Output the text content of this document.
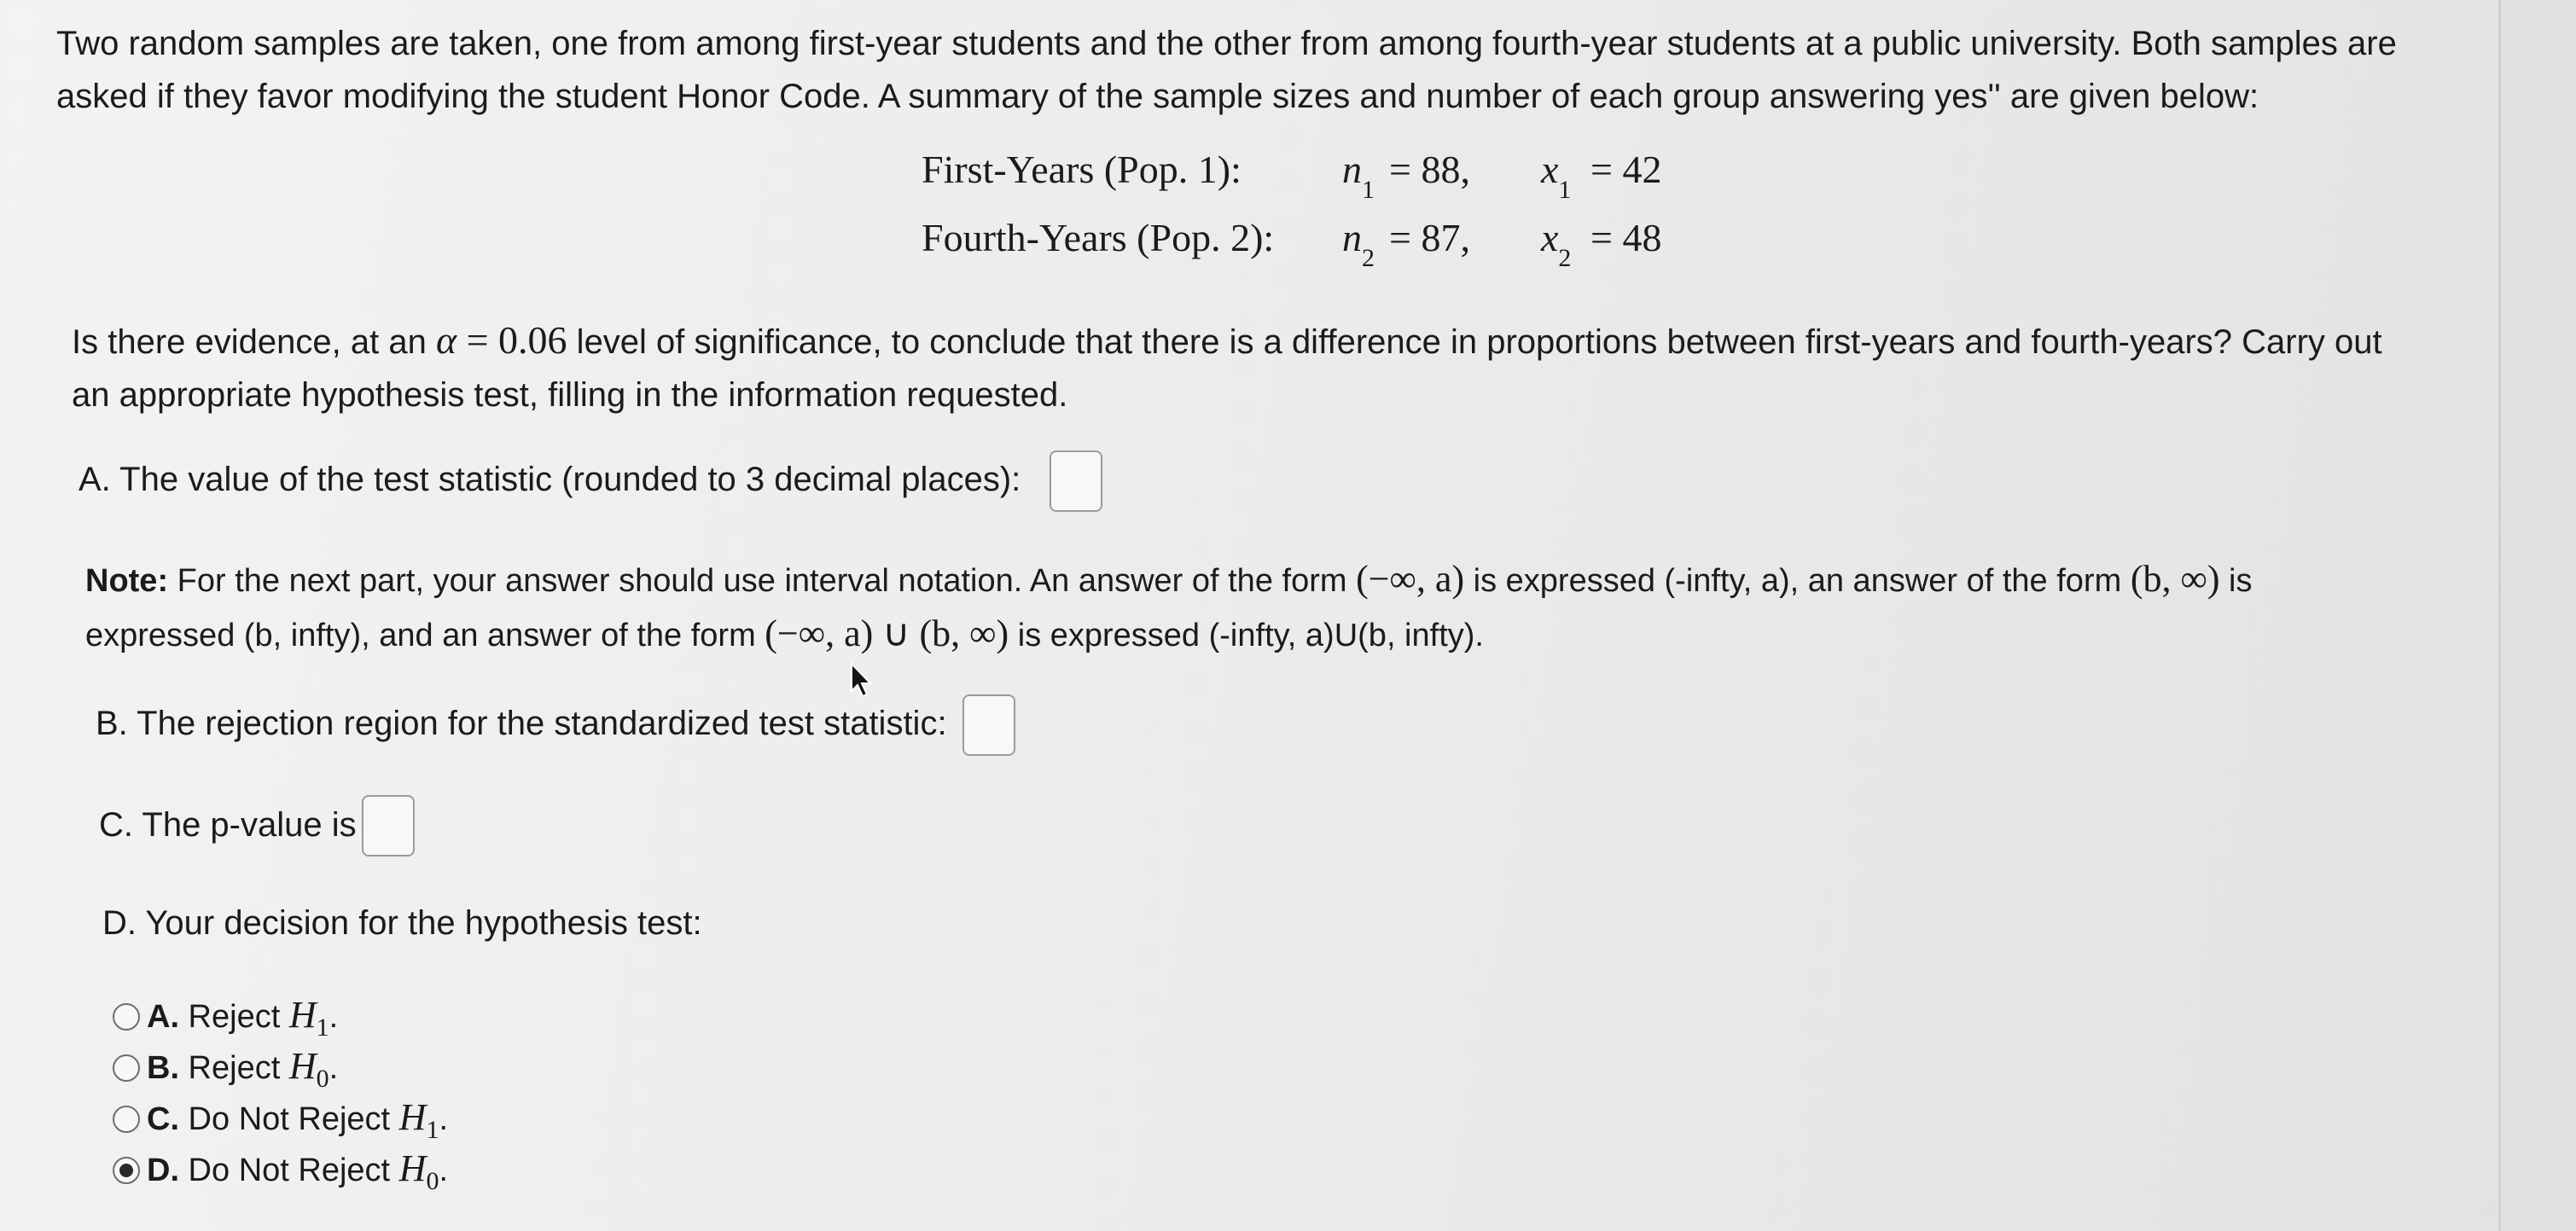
Two random samples are taken, one from among first-year students and the other from among fourth-year students at a public university. Both samples are
asked if they favor modifying the student Honor Code. A summary of the sample sizes and number of each group answering yes'' are given below:
First-Years (Pop. 1):	$n_1 = 88$, $x_1 = 42$
Fourth-Years (Pop. 2): $n_2 = 87$, $x_2 = 48$
Is there evidence, at an α = 0.06 level of significance, to conclude that there is a difference in proportions between first-years and fourth-years? Carry out
an appropriate hypothesis test, filling in the information requested.
A. The value of the test statistic (rounded to 3 decimal places):
Note: For the next part, your answer should use interval notation. An answer of the form (−∞, a) is expressed (-infty, a), an answer of the form (b, ∞) is
expressed (b, infty), and an answer of the form (−∞, a) ∪ (b, ∞) is expressed (-infty, a)U(b, infty).
B. The rejection region for the standardized test statistic:
C. The p-value is
D. Your decision for the hypothesis test:
A. Reject $H_1$.
B. Reject $H_0$.
C. Do Not Reject $H_1$.
D. Do Not Reject $H_0$.
